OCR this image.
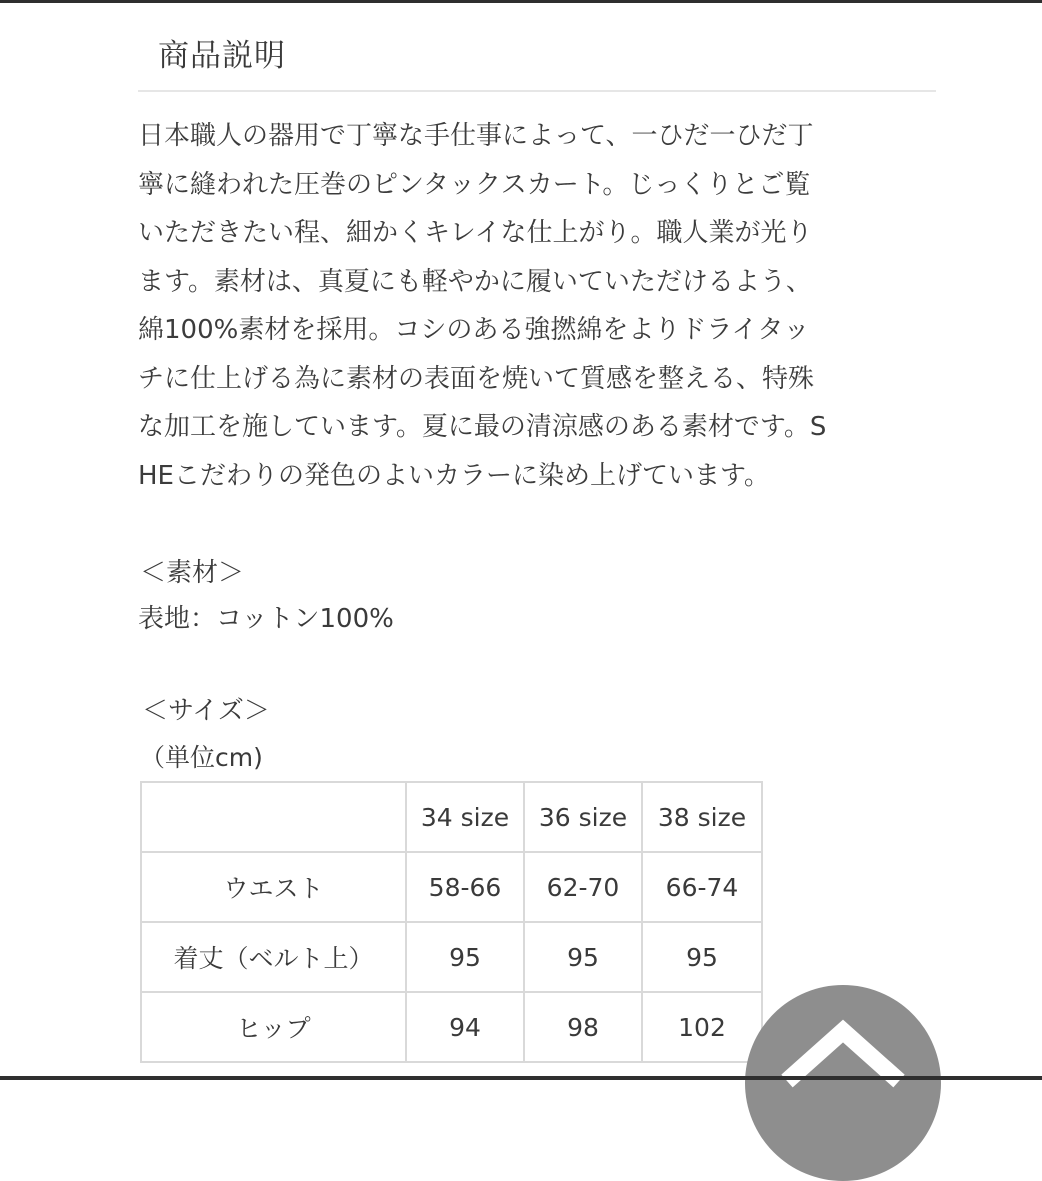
商品説明
日本職人の器用で丁寧な手仕事によって、一ひだ一ひだ丁
寧に縫われた圧巻のピンタックスカート。じっくりとご覧
いただきたい程、細かくキレイな仕上がり。職人業が光り
ます。素材は、真夏にも軽やかに履いていただけるよう、
綿100%素材を採用。コシのある強撚綿をよりドライタッ
チに仕上げる為に素材の表面を焼いて質感を整える、特殊
な加工を施しています。夏に最の清涼感のある素材です。S
HEこだわりの発色のよいカラーに染め上げています。
＜素材＞
表地：コットン100%
＜サイズ＞
（単位cm)
	34 size	36 size	38 size
ウエスト	58-66	62-70	66-74
着丈（ベルト上）	95	95	95
ヒップ	94	98	102
